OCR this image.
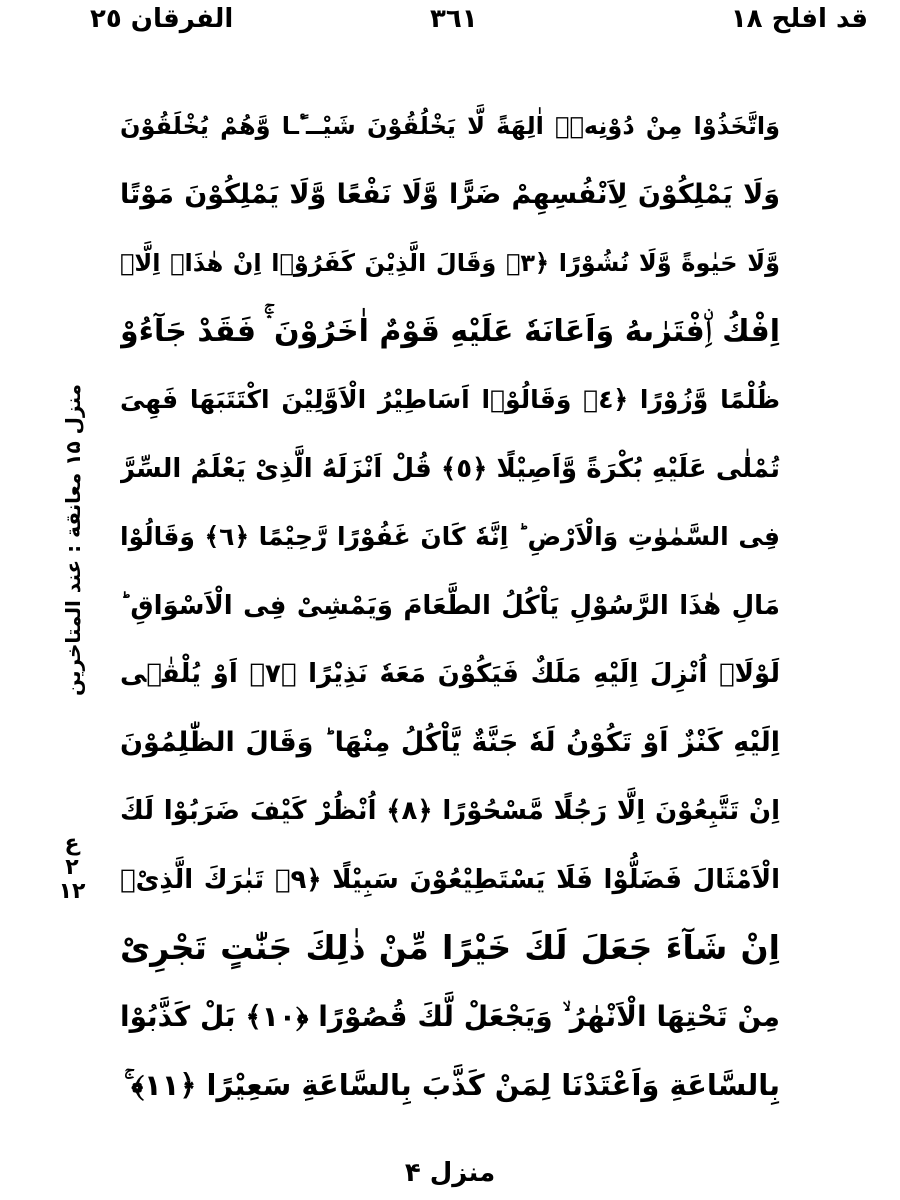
قد افلح ١٨
٣٦١
الفرقان ٢٥
منزل ۱۵ معانقة : عند المتاخرين
ع
۲
۱۲
وَاتَّخَذُوْا مِنْ دُوْنِهٖۤ اٰلِهَةً لَّا یَخْلُقُوْنَ شَیْــٴًـا وَّهُمْ یُخْلَقُوْنَ
وَلَا یَمْلِكُوْنَ لِاَنْفُسِهِمْ ضَرًّا وَّلَا نَفْعًا وَّلَا یَمْلِكُوْنَ مَوْتًا
وَّلَا حَیٰوةً وَّلَا نُشُوْرًا ﴿٣﴾ وَقَالَ الَّذِیْنَ كَفَرُوْۤا اِنْ هٰذَاۤ اِلَّاۤ
اِفْكُ اِۨفْتَرٰىهُ وَاَعَانَهٗ عَلَیْهِ قَوْمٌ اٰخَرُوْنَ ۛۚ فَقَدْ جَآءُوْ
ظُلْمًا وَّزُوْرًا ﴿٤﴾ وَقَالُوْۤا اَسَاطِیْرُ الْاَوَّلِیْنَ اكْتَتَبَهَا فَهِیَ
تُمْلٰى عَلَیْهِ بُكْرَةً وَّاَصِیْلًا ﴿٥﴾ قُلْ اَنْزَلَهُ الَّذِیْ یَعْلَمُ السِّرَّ
فِی السَّمٰوٰتِ وَالْاَرْضِ ؕ اِنَّهٗ كَانَ غَفُوْرًا رَّحِیْمًا ﴿٦﴾ وَقَالُوْا
مَالِ هٰذَا الرَّسُوْلِ یَاْكُلُ الطَّعَامَ وَیَمْشِیْ فِی الْاَسْوَاقِ ؕ
لَوْلَاۤ اُنْزِلَ اِلَیْهِ مَلَكٌ فَیَكُوْنَ مَعَهٗ نَذِیْرًا ﴿٧﴾ اَوْ یُلْقٰۤى
اِلَیْهِ كَنْزٌ اَوْ تَكُوْنُ لَهٗ جَنَّةٌ یَّاْكُلُ مِنْهَا ؕ وَقَالَ الظّٰلِمُوْنَ
اِنْ تَتَّبِعُوْنَ اِلَّا رَجُلًا مَّسْحُوْرًا ﴿٨﴾ اُنْظُرْ كَیْفَ ضَرَبُوْا لَكَ
الْاَمْثَالَ فَضَلُّوْا فَلَا یَسْتَطِیْعُوْنَ سَبِیْلًا ﴿٩﴾ تَبٰرَكَ الَّذِیْۤ
اِنْ شَآءَ جَعَلَ لَكَ خَیْرًا مِّنْ ذٰلِكَ جَنّٰتٍ تَجْرِیْ
مِنْ تَحْتِهَا الْاَنْهٰرُ ۙ وَیَجْعَلْ لَّكَ قُصُوْرًا ﴿١٠﴾ بَلْ كَذَّبُوْا
بِالسَّاعَةِ وَاَعْتَدْنَا لِمَنْ كَذَّبَ بِالسَّاعَةِ سَعِیْرًا ﴿١١﴾ ۚ
منزل ۴
